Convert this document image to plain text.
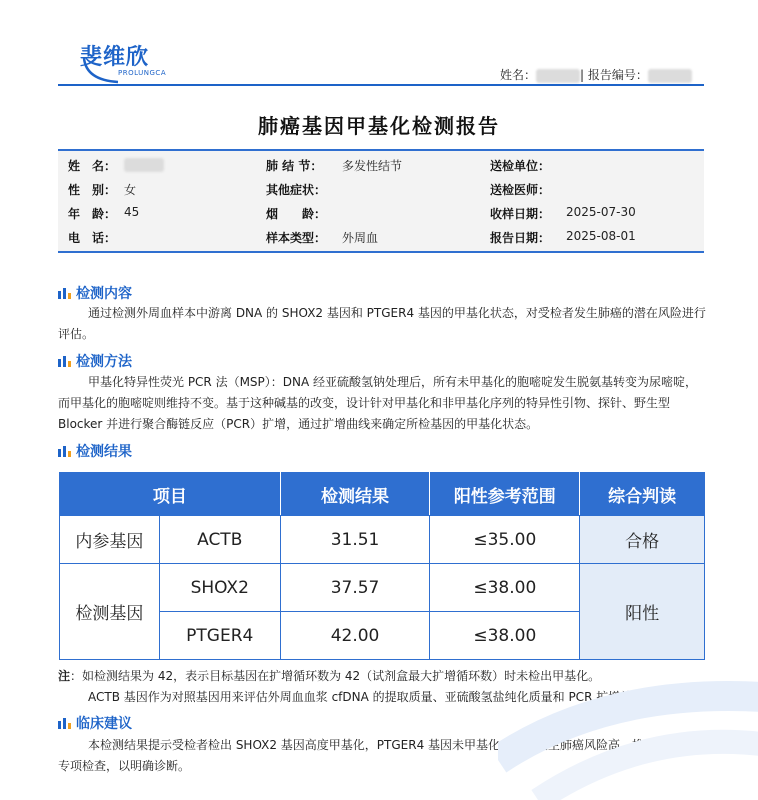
斐维欣
PROLUNGCA	姓名：	| 报告编号：
肺癌基因甲基化检测报告
姓　名：	肺 结 节： 多发性结节	送检单位：
性　别： 女	其他症状：	送检医师：
年　龄： 45	烟　　龄：	收样日期： 2025-07-30
电　话：	样本类型： 外周血	报告日期： 2025-08-01
检测内容
通过检测外周血样本中游离 DNA 的 SHOX2 基因和 PTGER4 基因的甲基化状态，对受检者发生肺癌的潜在风险进行评估。
检测方法
甲基化特异性荧光 PCR 法（MSP）：DNA 经亚硫酸氢钠处理后，所有未甲基化的胞嘧啶发生脱氨基转变为尿嘧啶，而甲基化的胞嘧啶则维持不变。基于这种碱基的改变，设计针对甲基化和非甲基化序列的特异性引物、探针、野生型 Blocker 并进行聚合酶链反应（PCR）扩增，通过扩增曲线来确定所检基因的甲基化状态。
检测结果
项目		检测结果	阳性参考范围	综合判读
内参基因	ACTB	31.51	≤35.00	合格
检测基因	SHOX2	37.57	≤38.00	阳性
	PTGER4	42.00	≤38.00	
注：如检测结果为 42，表示目标基因在扩增循环数为 42（试剂盒最大扩增循环数）时未检出甲基化。
ACTB 基因作为对照基因用来评估外周血血浆 cfDNA 的提取质量、亚硫酸氢盐纯化质量和 PCR 扩增效果。
临床建议
本检测结果提示受检者检出 SHOX2 基因高度甲基化，PTGER4 基因未甲基化，提示发生肺癌风险高，推荐进一步行专项检查，以明确诊断。
